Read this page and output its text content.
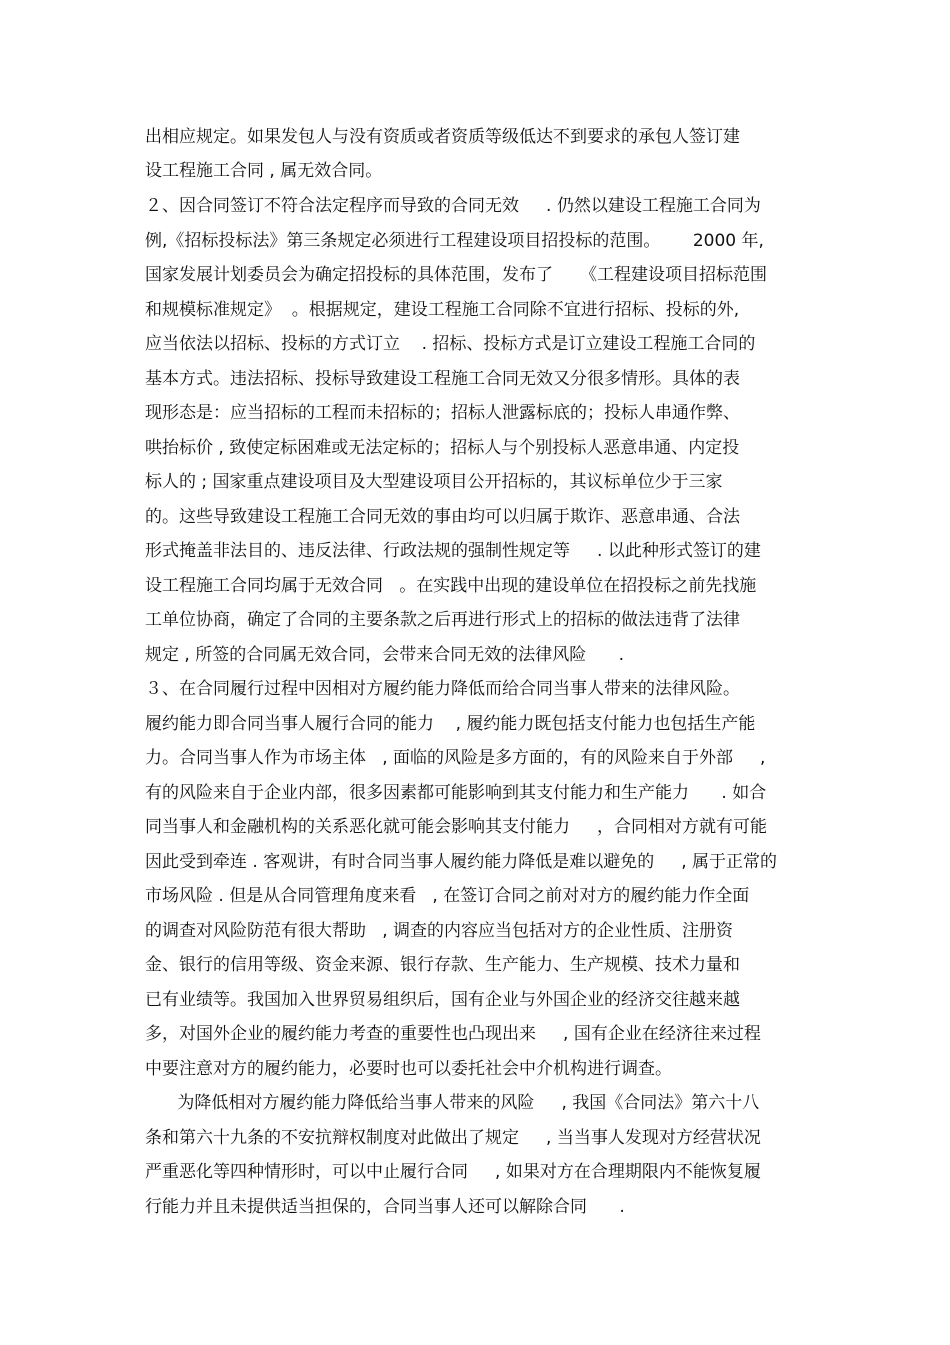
出相应规定。如果发包人与没有资质或者资质等级低达不到要求的承包人签订建
设工程施工合同 , 属无效合同。
２、因合同签订不符合法定程序而导致的合同无效     . 仍然以建设工程施工合同为
例,《招标投标法》第三条规定必须进行工程建设项目招投标的范围。      2000 年,
国家发展计划委员会为确定招投标的具体范围，发布了     《工程建设项目招标范围
和规模标准规定》  。根据规定，建设工程施工合同除不宜进行招标、投标的外,
应当依法以招标、投标的方式订立    . 招标、投标方式是订立建设工程施工合同的
基本方式。违法招标、投标导致建设工程施工合同无效又分很多情形。具体的表
现形态是：应当招标的工程而未招标的；招标人泄露标底的；投标人串通作弊、
哄抬标价 , 致使定标困难或无法定标的；招标人与个别投标人恶意串通、内定投
标人的 ; 国家重点建设项目及大型建设项目公开招标的，其议标单位少于三家
的。这些导致建设工程施工合同无效的事由均可以归属于欺诈、恶意串通、合法
形式掩盖非法目的、违反法律、行政法规的强制性规定等     . 以此种形式签订的建
设工程施工合同均属于无效合同   。在实践中出现的建设单位在招投标之前先找施
工单位协商，确定了合同的主要条款之后再进行形式上的招标的做法违背了法律
规定 , 所签的合同属无效合同，会带来合同无效的法律风险      .
３、在合同履行过程中因相对方履约能力降低而给合同当事人带来的法律风险。
履约能力即合同当事人履行合同的能力    , 履约能力既包括支付能力也包括生产能
力。合同当事人作为市场主体   , 面临的风险是多方面的，有的风险来自于外部     ,
有的风险来自于企业内部，很多因素都可能影响到其支付能力和生产能力      . 如合
同当事人和金融机构的关系恶化就可能会影响其支付能力     ，合同相对方就有可能
因此受到牵连 . 客观讲，有时合同当事人履约能力降低是难以避免的     , 属于正常的
市场风险 . 但是从合同管理角度来看   , 在签订合同之前对对方的履约能力作全面
的调查对风险防范有很大帮助   , 调查的内容应当包括对方的企业性质、注册资
金、银行的信用等级、资金来源、银行存款、生产能力、生产规模、技术力量和
已有业绩等。我国加入世界贸易组织后，国有企业与外国企业的经济交往越来越
多，对国外企业的履约能力考查的重要性也凸现出来     , 国有企业在经济往来过程
中要注意对方的履约能力，必要时也可以委托社会中介机构进行调查。
为降低相对方履约能力降低给当事人带来的风险     , 我国《合同法》第六十八
条和第六十九条的不安抗辩权制度对此做出了规定     , 当当事人发现对方经营状况
严重恶化等四种情形时，可以中止履行合同     , 如果对方在合理期限内不能恢复履
行能力并且未提供适当担保的，合同当事人还可以解除合同      .
